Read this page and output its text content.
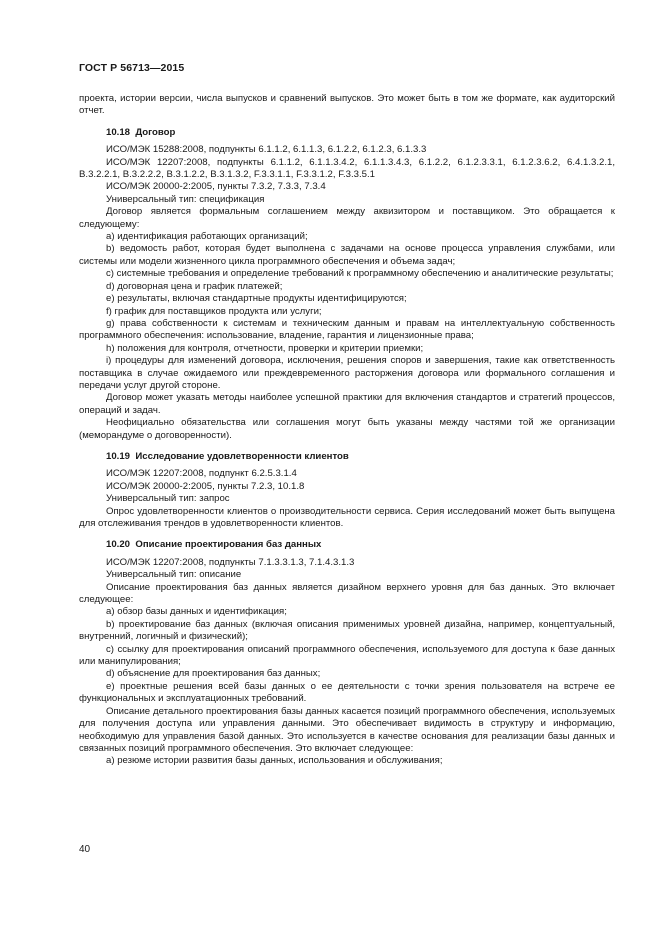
ГОСТ Р 56713—2015

проекта, истории версии, числа выпусков и сравнений выпусков. Это может быть в том же формате, как аудиторский отчет.

10.18 Договор

ИСО/МЭК 15288:2008, подпункты 6.1.1.2, 6.1.1.3, 6.1.2.2, 6.1.2.3, 6.1.3.3

ИСО/МЭК 12207:2008, подпункты 6.1.1.2, 6.1.1.3.4.2, 6.1.1.3.4.3, 6.1.2.2, 6.1.2.3.3.1, 6.1.2.3.6.2, 6.4.1.3.2.1, B.3.2.2.1, B.3.2.2.2, B.3.1.2.2, B.3.1.3.2, F.3.3.1.1, F.3.3.1.2, F.3.3.5.1

ИСО/МЭК 20000-2:2005, пункты 7.3.2, 7.3.3, 7.3.4

Универсальный тип: спецификация

Договор является формальным соглашением между аквизитором и поставщиком. Это обращается к следующему:

a) идентификация работающих организаций;

b) ведомость работ, которая будет выполнена с задачами на основе процесса управления службами, или системы или модели жизненного цикла программного обеспечения и объема задач;

c) системные требования и определение требований к программному обеспечению и аналитические результаты;

d) договорная цена и график платежей;

e) результаты, включая стандартные продукты идентифицируются;

f) график для поставщиков продукта или услуги;

g) права собственности к системам и техническим данным и правам на интеллектуальную собственность программного обеспечения: использование, владение, гарантия и лицензионные права;

h) положения для контроля, отчетности, проверки и критерии приемки;

i) процедуры для изменений договора, исключения, решения споров и завершения, такие как ответственность поставщика в случае ожидаемого или преждевременного расторжения договора или формального соглашения и передачи услуг другой стороне.

Договор может указать методы наиболее успешной практики для включения стандартов и стратегий процессов, операций и задач.

Неофициально обязательства или соглашения могут быть указаны между частями той же организации (меморандуме о договоренности).

10.19 Исследование удовлетворенности клиентов

ИСО/МЭК 12207:2008, подпункт 6.2.5.3.1.4

ИСО/МЭК 20000-2:2005, пункты 7.2.3, 10.1.8

Универсальный тип: запрос

Опрос удовлетворенности клиентов о производительности сервиса. Серия исследований может быть выпущена для отслеживания трендов в удовлетворенности клиентов.

10.20 Описание проектирования баз данных

ИСО/МЭК 12207:2008, подпункты 7.1.3.3.1.3, 7.1.4.3.1.3

Универсальный тип: описание

Описание проектирования баз данных является дизайном верхнего уровня для баз данных. Это включает следующее:

a) обзор базы данных и идентификация;

b) проектирование баз данных (включая описания применимых уровней дизайна, например, концептуальный, внутренний, логичный и физический);

c) ссылку для проектирования описаний программного обеспечения, используемого для доступа к базе данных или манипулирования;

d) объяснение для проектирования баз данных;

e) проектные решения всей базы данных о ее деятельности с точки зрения пользователя на встрече ее функциональных и эксплуатационных требований.

Описание детального проектирования базы данных касается позиций программного обеспечения, используемых для получения доступа или управления данными. Это обеспечивает видимость в структуру и информацию, необходимую для управления базой данных. Это используется в качестве основания для реализации базы данных и связанных позиций программного обеспечения. Это включает следующее:

a) резюме истории развития базы данных, использования и обслуживания;

40
